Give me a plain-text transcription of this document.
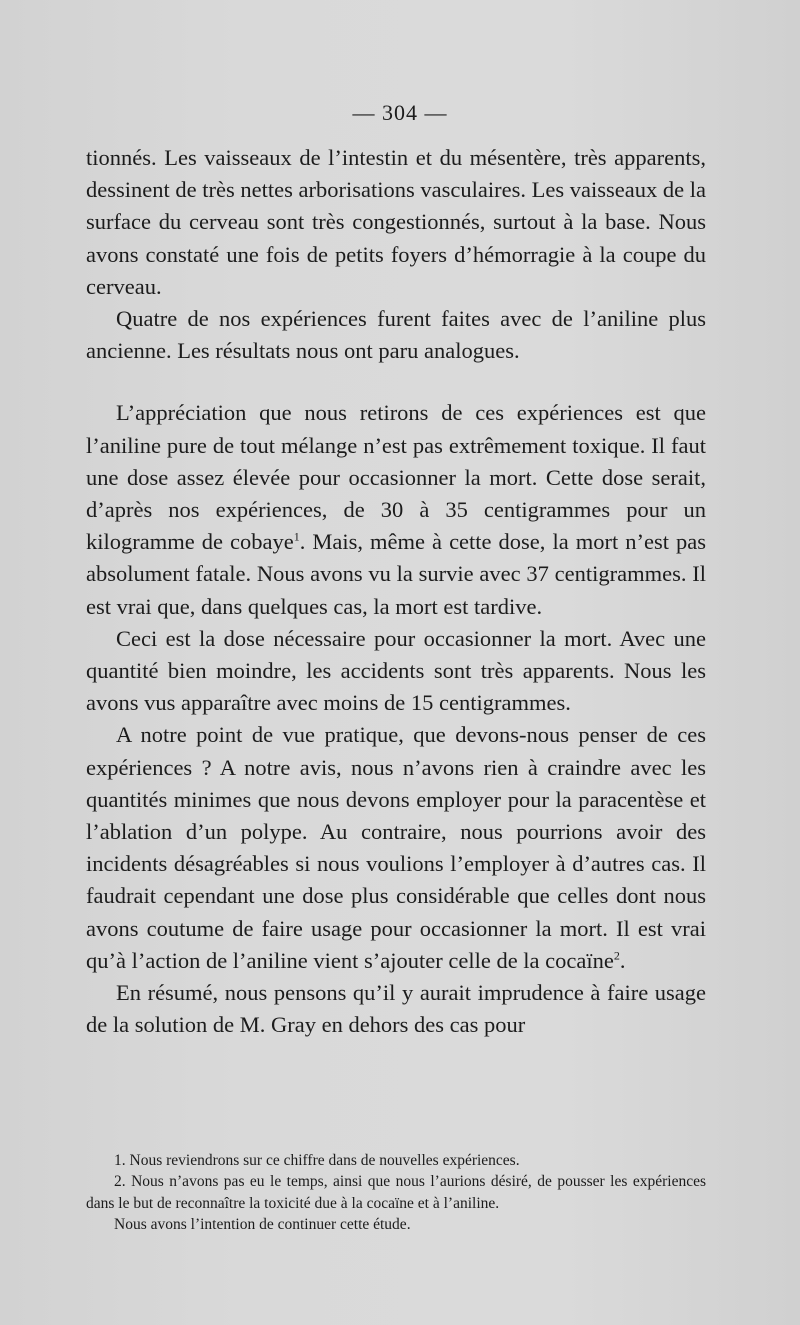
— 304 —

tionnés. Les vaisseaux de l’intestin et du mésentère, très apparents, dessinent de très nettes arborisations vasculaires. Les vaisseaux de la surface du cerveau sont très congestionnés, surtout à la base. Nous avons constaté une fois de petits foyers d’hémorragie à la coupe du cerveau.

Quatre de nos expériences furent faites avec de l’aniline plus ancienne. Les résultats nous ont paru analogues.

L’appréciation que nous retirons de ces expériences est que l’aniline pure de tout mélange n’est pas extrêmement toxique. Il faut une dose assez élevée pour occasionner la mort. Cette dose serait, d’après nos expériences, de 30 à 35 centigrammes pour un kilogramme de cobaye$^1$. Mais, même à cette dose, la mort n’est pas absolument fatale. Nous avons vu la survie avec 37 centigrammes. Il est vrai que, dans quelques cas, la mort est tardive.

Ceci est la dose nécessaire pour occasionner la mort. Avec une quantité bien moindre, les accidents sont très apparents. Nous les avons vus apparaître avec moins de 15 centigrammes.

A notre point de vue pratique, que devons-nous penser de ces expériences ? A notre avis, nous n’avons rien à craindre avec les quantités minimes que nous devons employer pour la paracentèse et l’ablation d’un polype. Au contraire, nous pourrions avoir des incidents désagréables si nous voulions l’employer à d’autres cas. Il faudrait cependant une dose plus considérable que celles dont nous avons coutume de faire usage pour occasionner la mort. Il est vrai qu’à l’action de l’aniline vient s’ajouter celle de la cocaïne$^2$.

En résumé, nous pensons qu’il y aurait imprudence à faire usage de la solution de M. Gray en dehors des cas pour

1. Nous reviendrons sur ce chiffre dans de nouvelles expériences.

2. Nous n’avons pas eu le temps, ainsi que nous l’aurions désiré, de pousser les expériences dans le but de reconnaître la toxicité due à la cocaïne et à l’aniline.

Nous avons l’intention de continuer cette étude.
